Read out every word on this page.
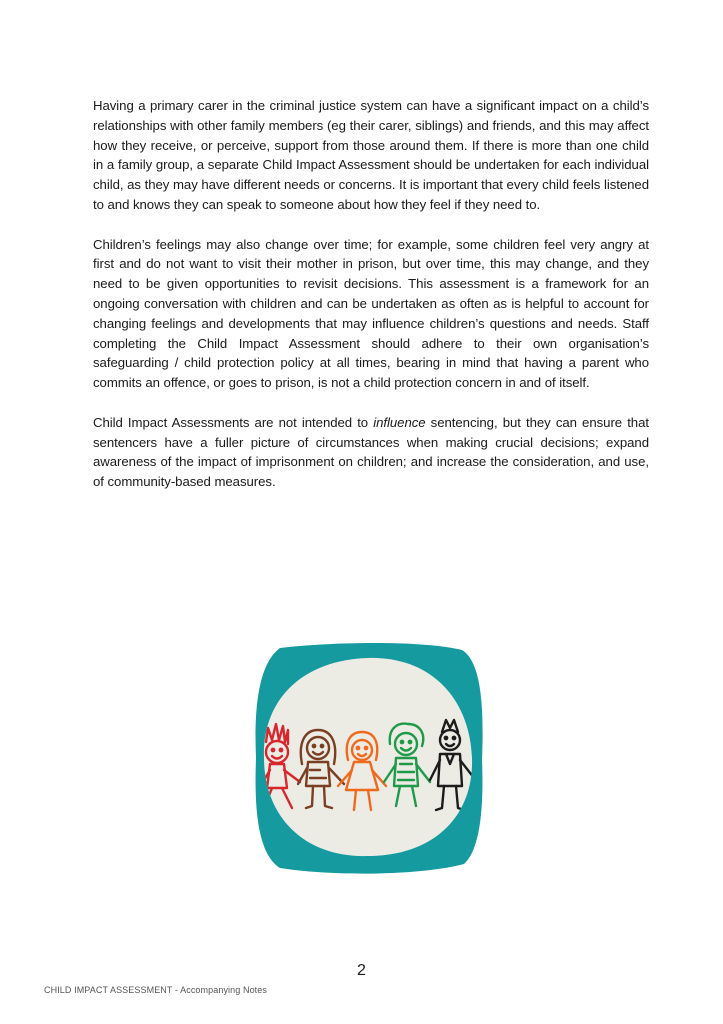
Having a primary carer in the criminal justice system can have a significant impact on a child’s relationships with other family members (eg their carer, siblings) and friends, and this may affect how they receive, or perceive, support from those around them. If there is more than one child in a family group, a separate Child Impact Assessment should be undertaken for each individual child, as they may have different needs or concerns. It is important that every child feels listened to and knows they can speak to someone about how they feel if they need to.

Children’s feelings may also change over time; for example, some children feel very angry at first and do not want to visit their mother in prison, but over time, this may change, and they need to be given opportunities to revisit decisions. This assessment is a framework for an ongoing conversation with children and can be undertaken as often as is helpful to account for changing feelings and developments that may influence children’s questions and needs. Staff completing the Child Impact Assessment should adhere to their own organisation’s safeguarding / child protection policy at all times, bearing in mind that having a parent who commits an offence, or goes to prison, is not a child protection concern in and of itself.

Child Impact Assessments are not intended to influence sentencing, but they can ensure that sentencers have a fuller picture of circumstances when making crucial decisions; expand awareness of the impact of imprisonment on children; and increase the consideration, and use, of community-based measures.

2
CHILD IMPACT ASSESSMENT - Accompanying Notes
